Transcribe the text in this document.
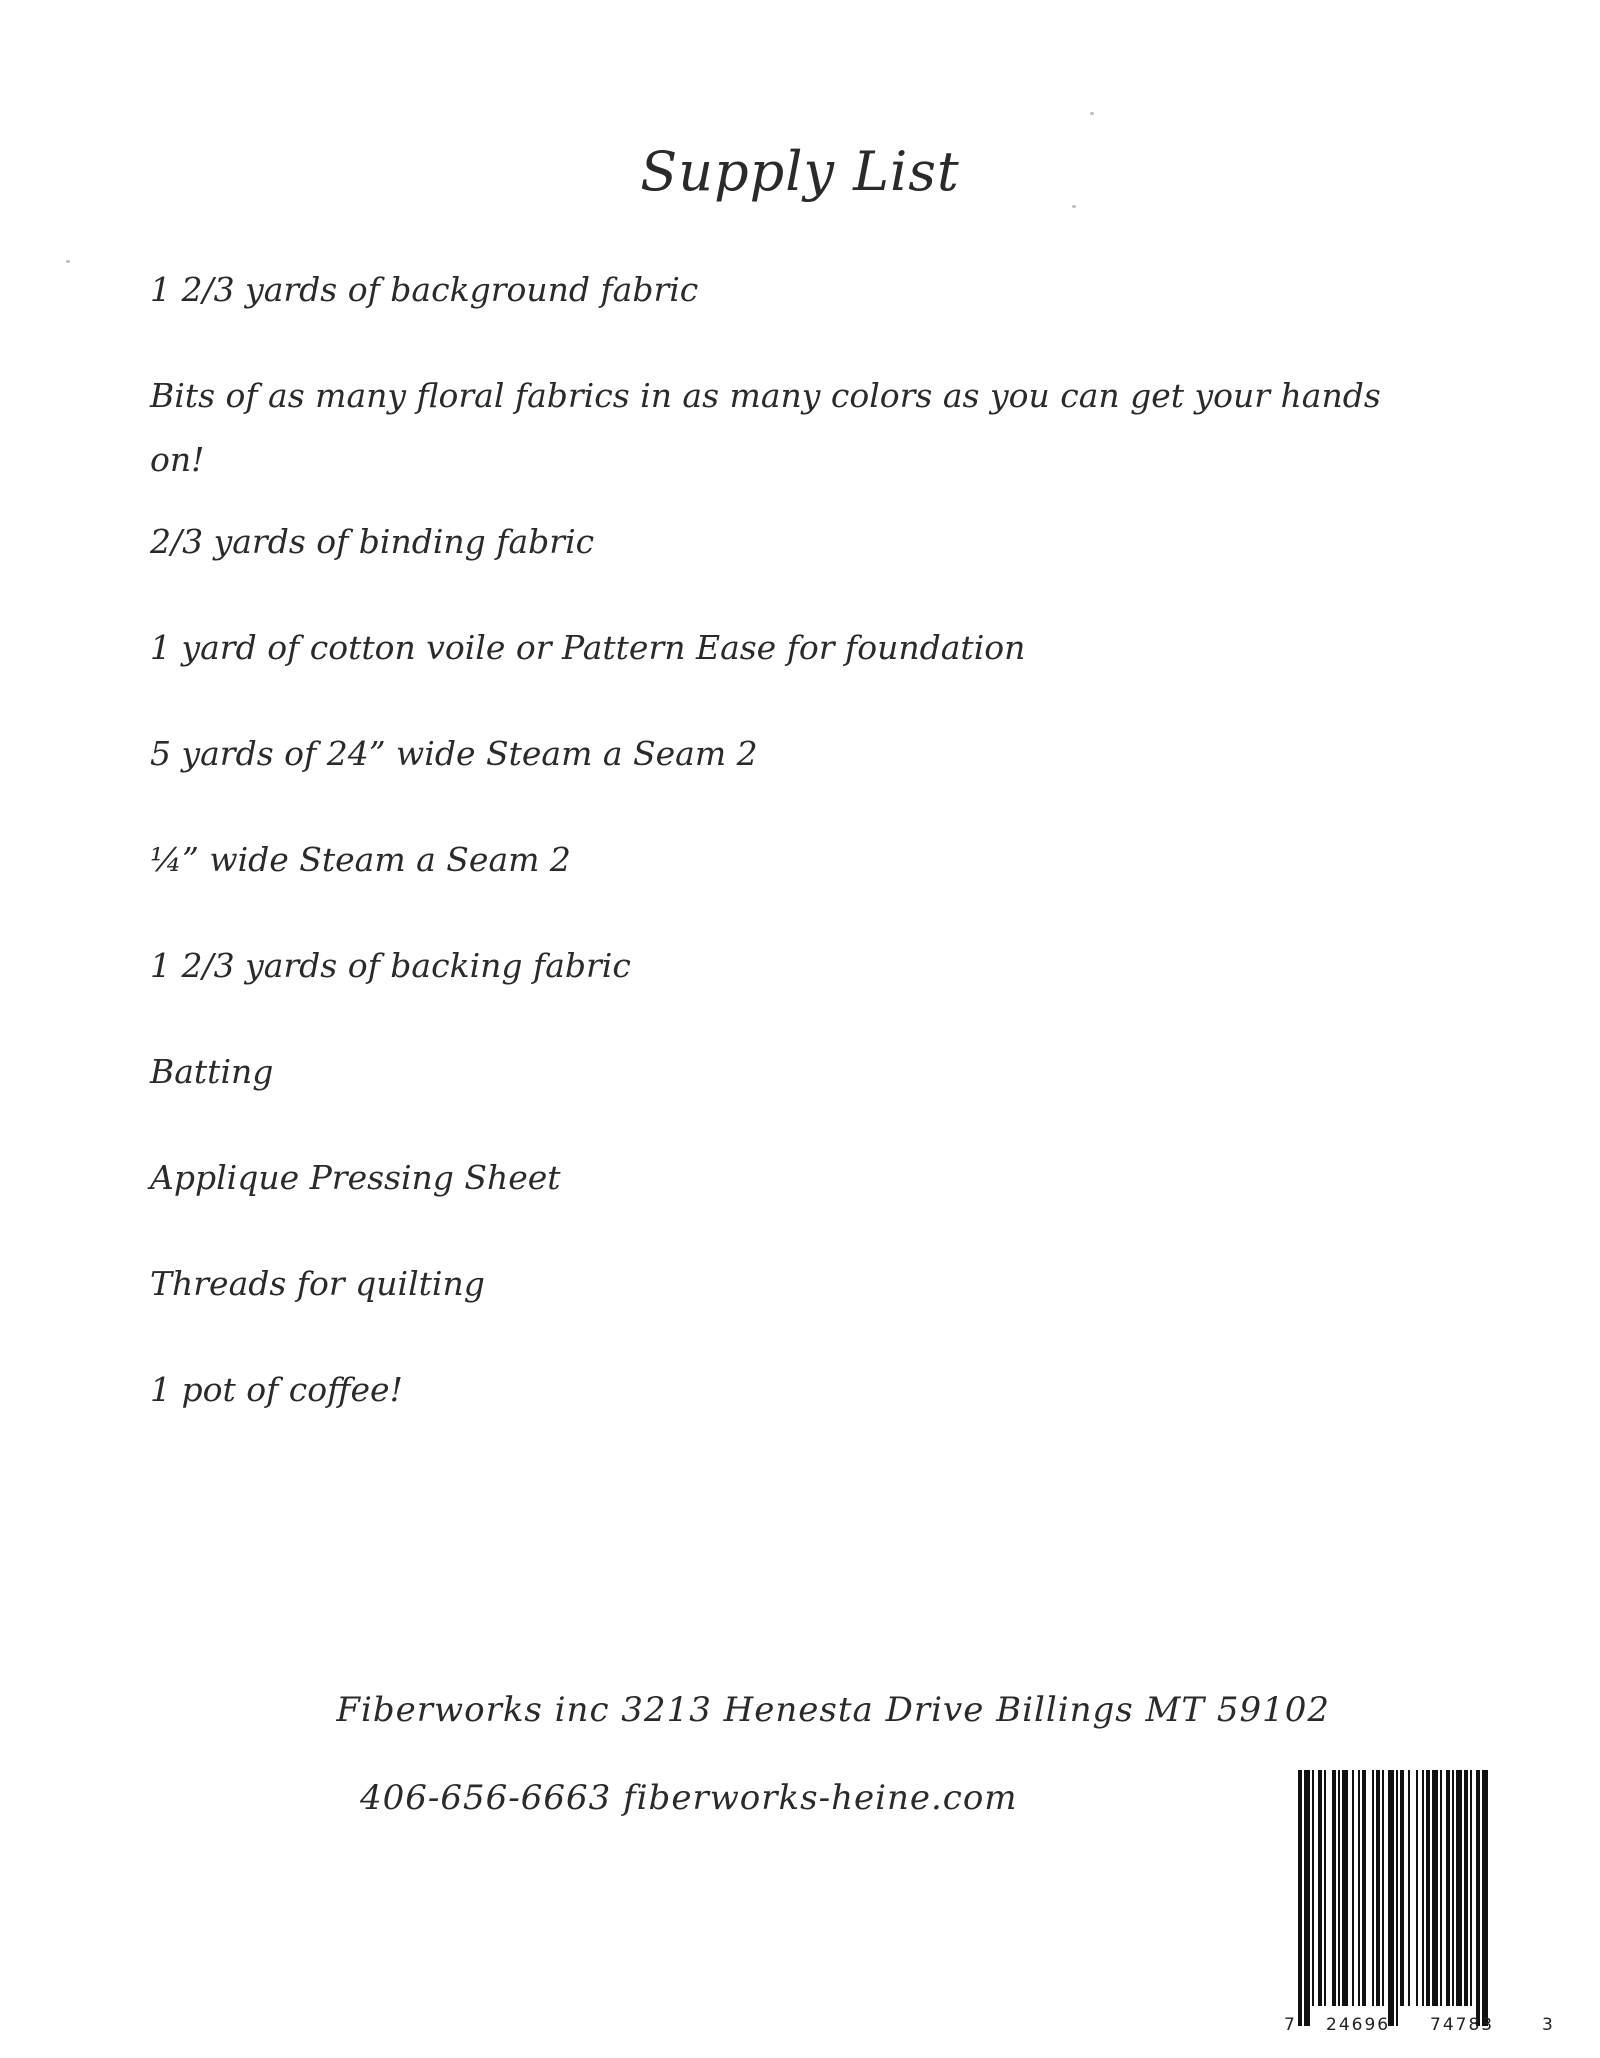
Supply List
1 2/3 yards of background fabric
Bits of as many floral fabrics in as many colors as you can get your hands on!
2/3 yards of binding fabric
1 yard of cotton voile or Pattern Ease for foundation
5 yards of 24” wide Steam a Seam 2
¼” wide Steam a Seam 2
1 2/3 yards of backing fabric
Batting
Applique Pressing Sheet
Threads for quilting
1 pot of coffee!
Fiberworks inc 3213 Henesta Drive Billings MT 59102
406-656-6663 fiberworks-heine.com
7 24696 74783	3
